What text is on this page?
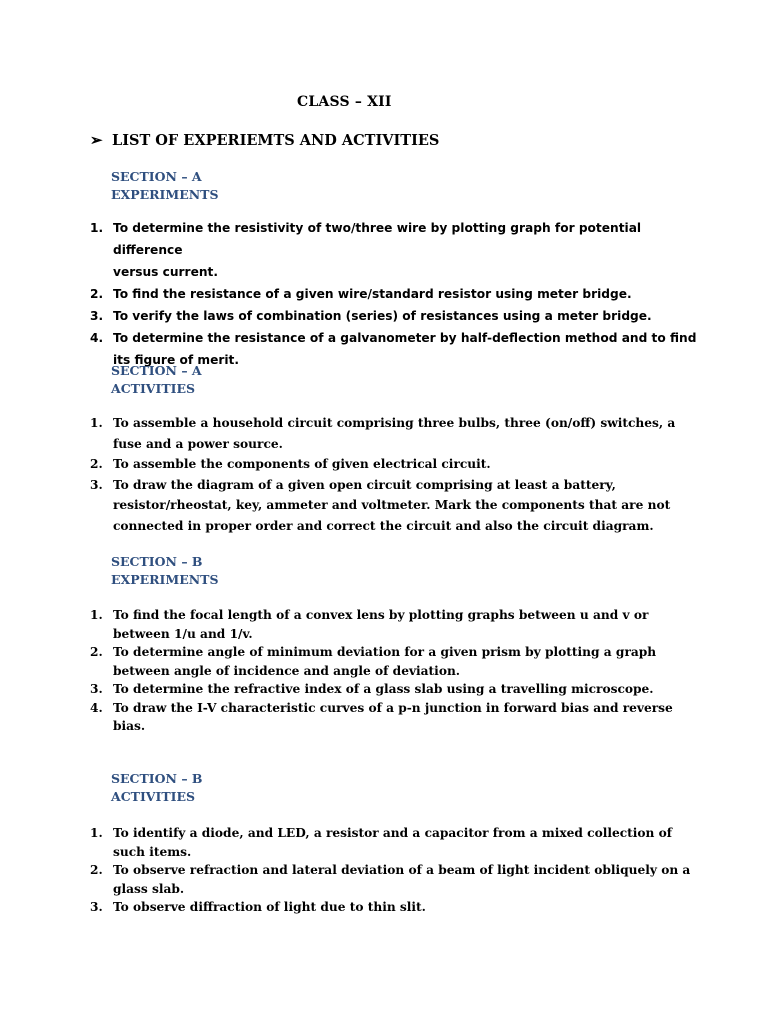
CLASS – XII
➢ LIST OF EXPERIEMTS AND ACTIVITIES
SECTION – A
EXPERIMENTS
1. To determine the resistivity of two/three wire by plotting graph for potential difference
versus current.
2. To find the resistance of a given wire/standard resistor using meter bridge.
3. To verify the laws of combination (series) of resistances using a meter bridge.
4. To determine the resistance of a galvanometer by half-deflection method and to find
its figure of merit.
SECTION – A
ACTIVITIES
1. To assemble a household circuit comprising three bulbs, three (on/off) switches, a
fuse and a power source.
2. To assemble the components of given electrical circuit.
3. To draw the diagram of a given open circuit comprising at least a battery,
resistor/rheostat, key, ammeter and voltmeter. Mark the components that are not
connected in proper order and correct the circuit and also the circuit diagram.
SECTION – B
EXPERIMENTS
1. To find the focal length of a convex lens by plotting graphs between u and v or
between 1/u and 1/v.
2. To determine angle of minimum deviation for a given prism by plotting a graph
between angle of incidence and angle of deviation.
3. To determine the refractive index of a glass slab using a travelling microscope.
4. To draw the I-V characteristic curves of a p-n junction in forward bias and reverse
bias.
SECTION – B
ACTIVITIES
1. To identify a diode, and LED, a resistor and a capacitor from a mixed collection of
such items.
2. To observe refraction and lateral deviation of a beam of light incident obliquely on a
glass slab.
3. To observe diffraction of light due to thin slit.
